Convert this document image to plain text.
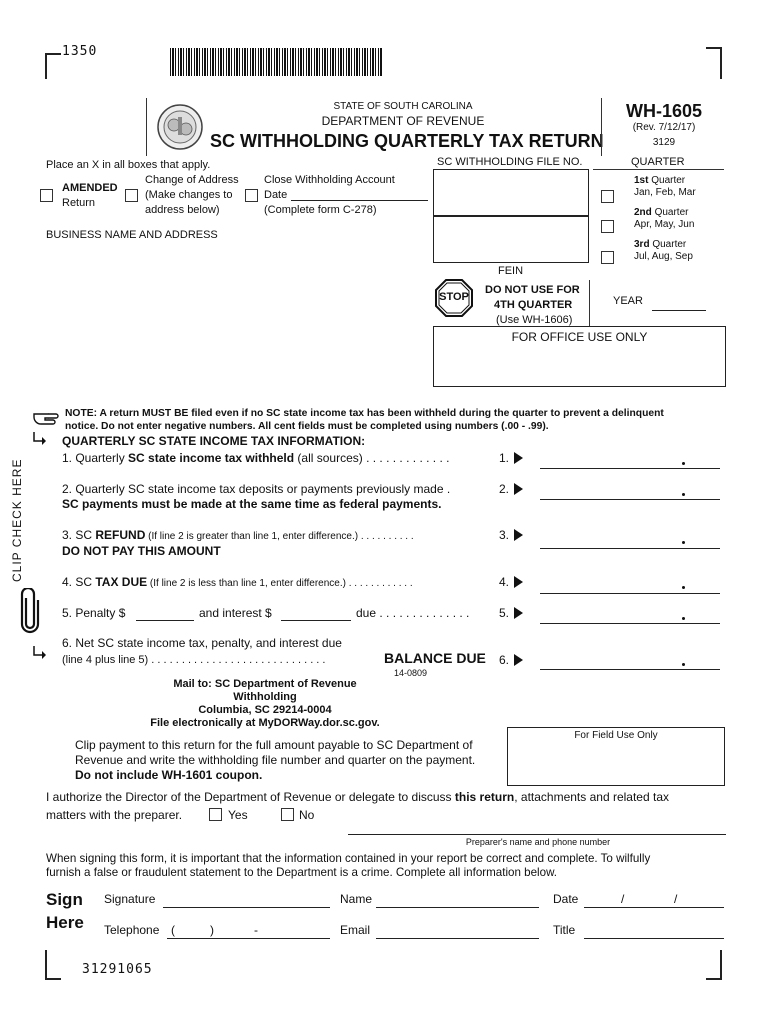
1350
STATE OF SOUTH CAROLINA
DEPARTMENT OF REVENUE
SC WITHHOLDING QUARTERLY TAX RETURN
WH-1605
(Rev. 7/12/17)
3129
Place an X in all boxes that apply.
AMENDED
Return
Change of Address
(Make changes to
address below)
Close Withholding Account
Date
(Complete form C-278)
BUSINESS NAME AND ADDRESS
SC WITHHOLDING FILE NO.
FEIN
QUARTER
1st Quarter
Jan, Feb, Mar
2nd Quarter
Apr, May, Jun
3rd Quarter
Jul, Aug, Sep
STOP
DO NOT USE FOR
4TH QUARTER
(Use WH-1606)
YEAR
FOR OFFICE USE ONLY
NOTE: A return MUST BE filed even if no SC state income tax has been withheld during the quarter to prevent a delinquent
notice. Do not enter negative numbers. All cent fields must be completed using numbers (.00 - .99).
CLIP CHECK HERE
QUARTERLY SC STATE INCOME TAX INFORMATION:
1. Quarterly SC state income tax withheld (all sources) . . . . . . . . . . . . .	1.
2. Quarterly SC state income tax deposits or payments previously made .
SC payments must be made at the same time as federal payments.
2.
3. SC REFUND (If line 2 is greater than line 1, enter difference.) . . . . . . . . . .
DO NOT PAY THIS AMOUNT
3.
4. SC TAX DUE (If line 2 is less than line 1, enter difference.) . . . . . . . . . . . .	4.
5. Penalty $	and interest $	due . . . . . . . . . . . . . . 5.
6. Net SC state income tax, penalty, and interest due
(line 4 plus line 5) . . . . . . . . . . . . . . . . . . . . . . . . . . . . .	BALANCE DUE 6.
14-0809
Mail to: SC Department of Revenue
Withholding
Columbia, SC 29214-0004
File electronically at MyDORWay.dor.sc.gov.
For Field Use Only
Clip payment to this return for the full amount payable to SC Department of
Revenue and write the withholding file number and quarter on the payment.
Do not include WH-1601 coupon.
I authorize the Director of the Department of Revenue or delegate to discuss this return, attachments and related tax
matters with the preparer.	Yes	No
Preparer's name and phone number
When signing this form, it is important that the information contained in your report be correct and complete. To wilfully
furnish a false or fraudulent statement to the Department is a crime. Complete all information below.
Sign
Here
Signature	Name	Date	/	/
Telephone (	)	-	Email	Title
31291065
